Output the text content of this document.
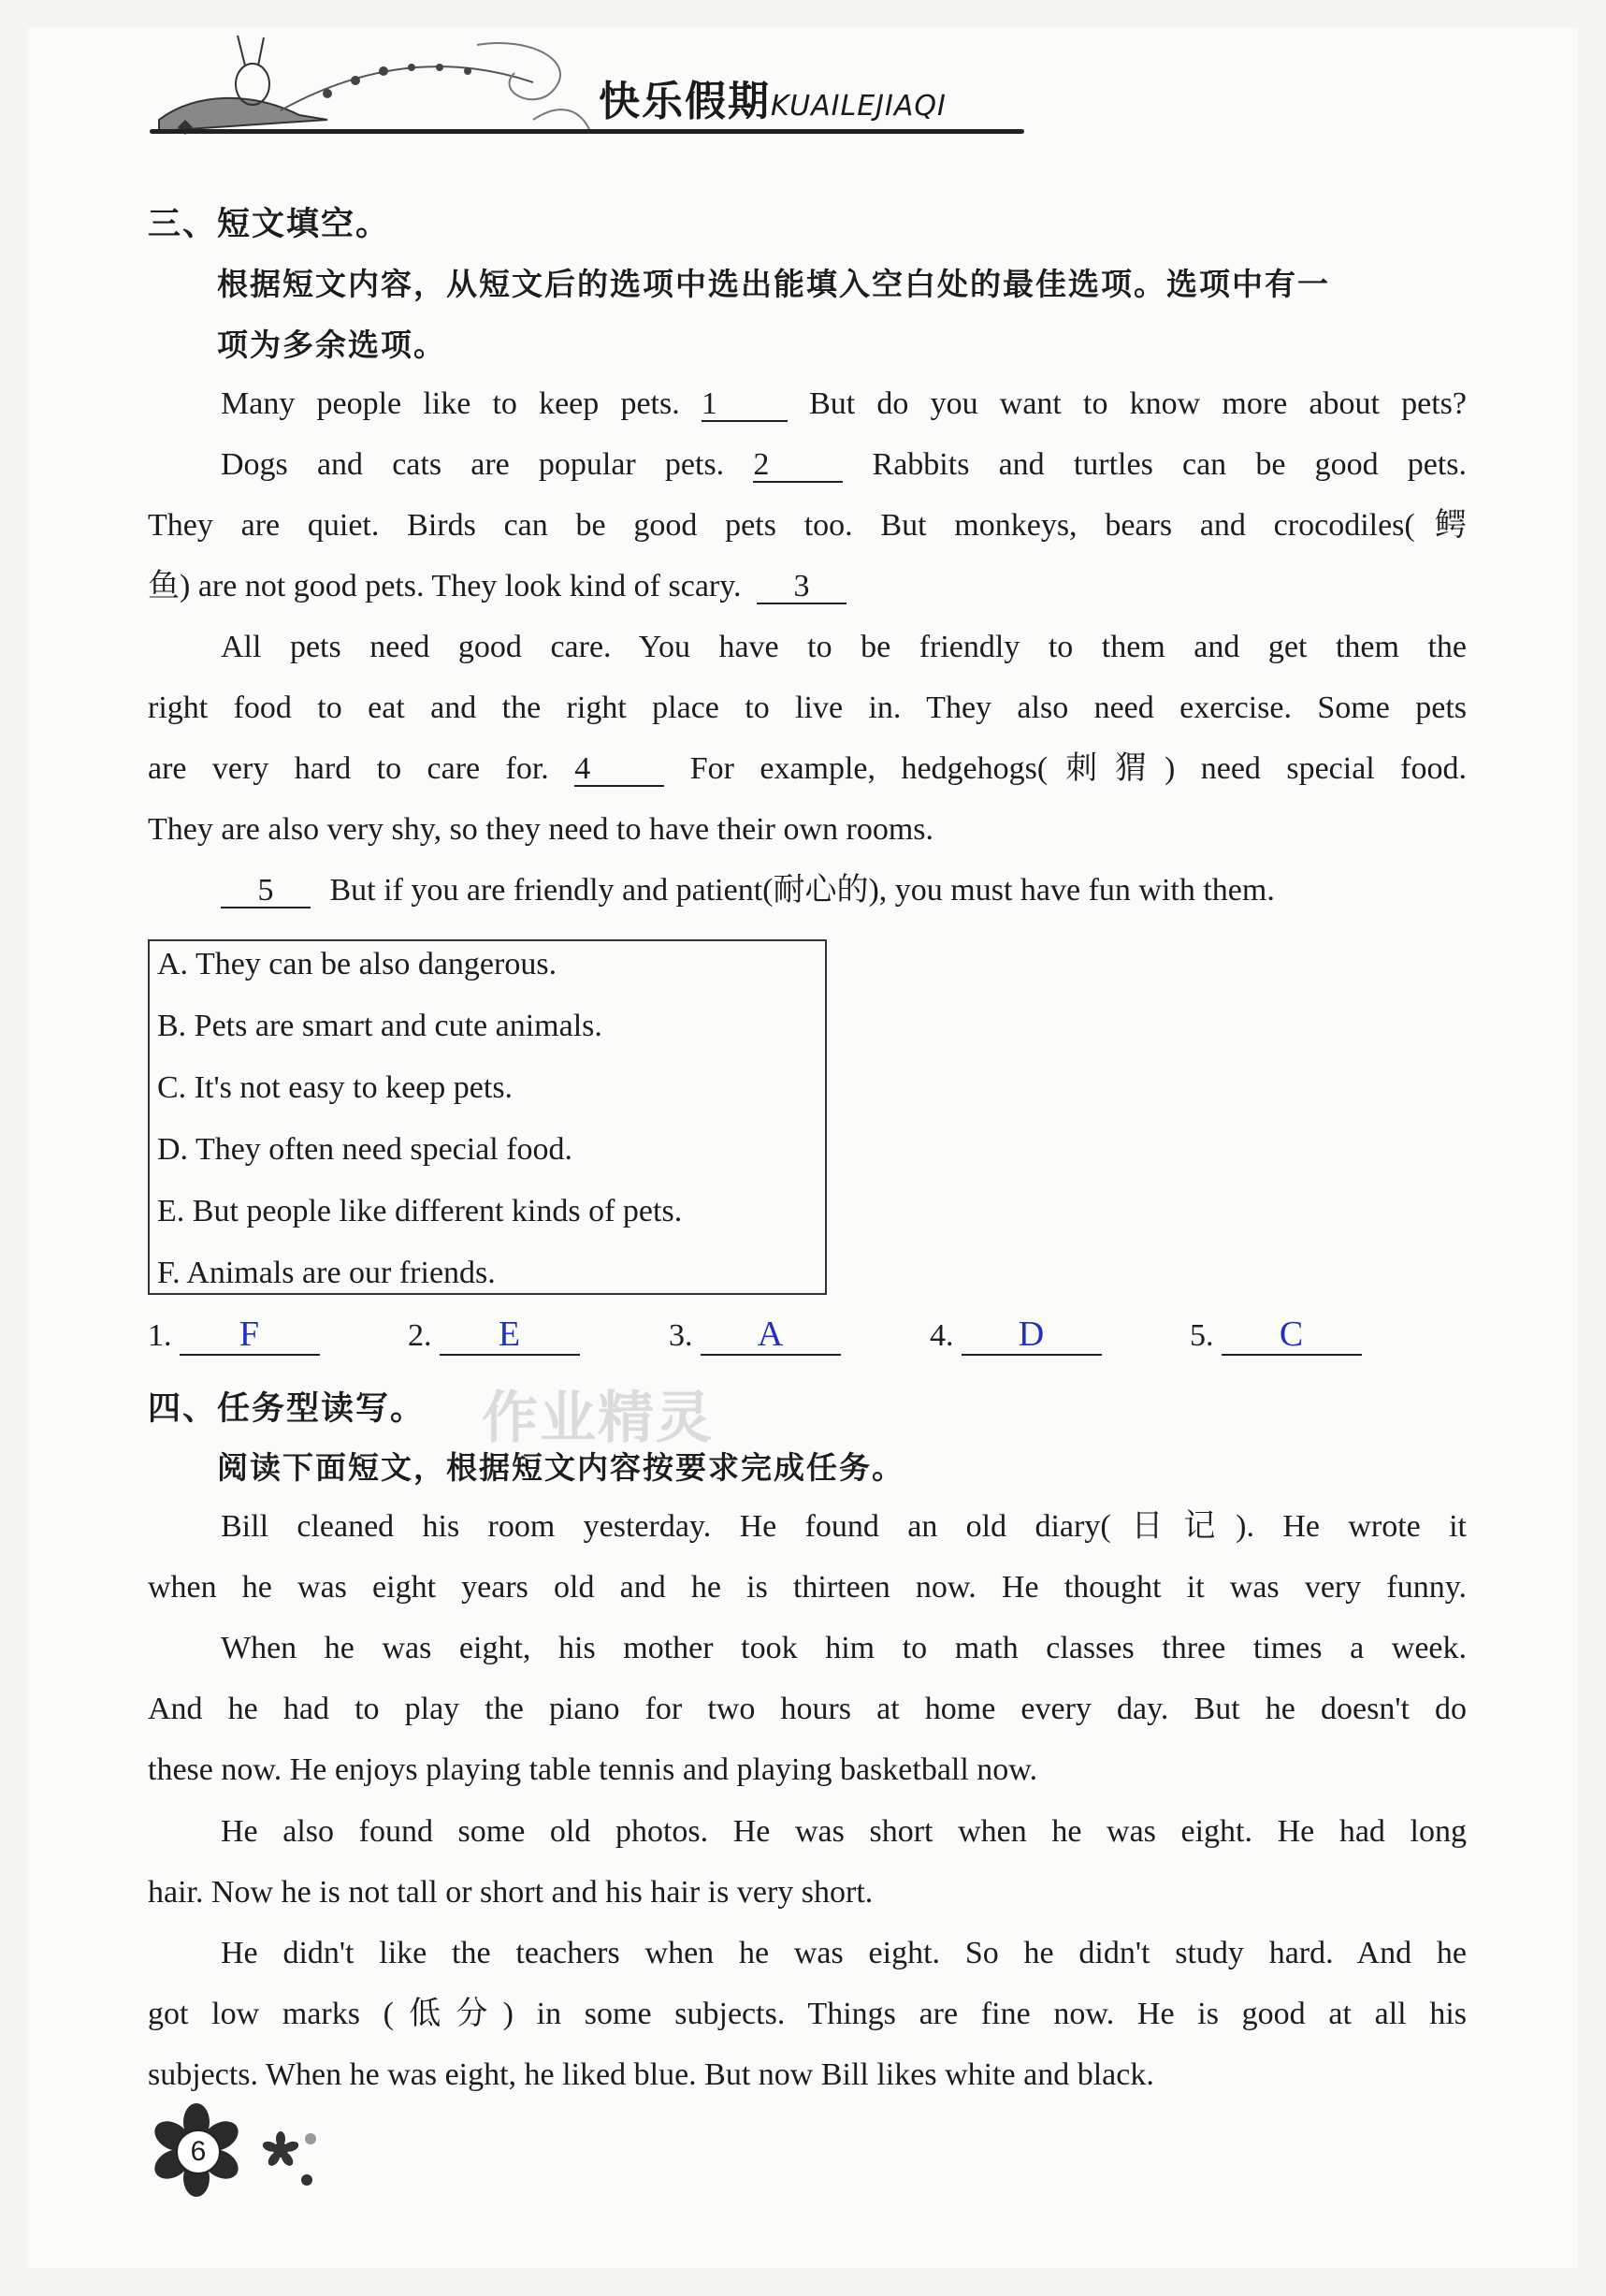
快乐假期KUAILEJIAQI
三、短文填空。
根据短文内容，从短文后的选项中选出能填入空白处的最佳选项。选项中有一
项为多余选项。
Many people like to keep pets. 1	But do you want to know more about pets?
Dogs and cats are popular pets. 2	Rabbits and turtles can be good pets.
They are quiet. Birds can be good pets too. But monkeys, bears and crocodiles(鳄
鱼) are not good pets. They look kind of scary. 3
All pets need good care. You have to be friendly to them and get them the
right food to eat and the right place to live in. They also need exercise. Some pets
are very hard to care for. 4	For example, hedgehogs(刺猬) need special food.
They are also very shy, so they need to have their own rooms.
5 But if you are friendly and patient(耐心的), you must have fun with them.
A. They can be also dangerous.
B. Pets are smart and cute animals.
C. It's not easy to keep pets.
D. They often need special food.
E. But people like different kinds of pets.
F. Animals are our friends.
1. F	2. E	3. A	4. D	5. C
四、任务型读写。 作业精灵
阅读下面短文，根据短文内容按要求完成任务。
Bill cleaned his room yesterday. He found an old diary(日记). He wrote it
when he was eight years old and he is thirteen now. He thought it was very funny.
When he was eight, his mother took him to math classes three times a week.
And he had to play the piano for two hours at home every day. But he doesn't do
these now. He enjoys playing table tennis and playing basketball now.
He also found some old photos. He was short when he was eight. He had long
hair. Now he is not tall or short and his hair is very short.
He didn't like the teachers when he was eight. So he didn't study hard. And he
got low marks (低分) in some subjects. Things are fine now. He is good at all his
subjects. When he was eight, he liked blue. But now Bill likes white and black.
6
